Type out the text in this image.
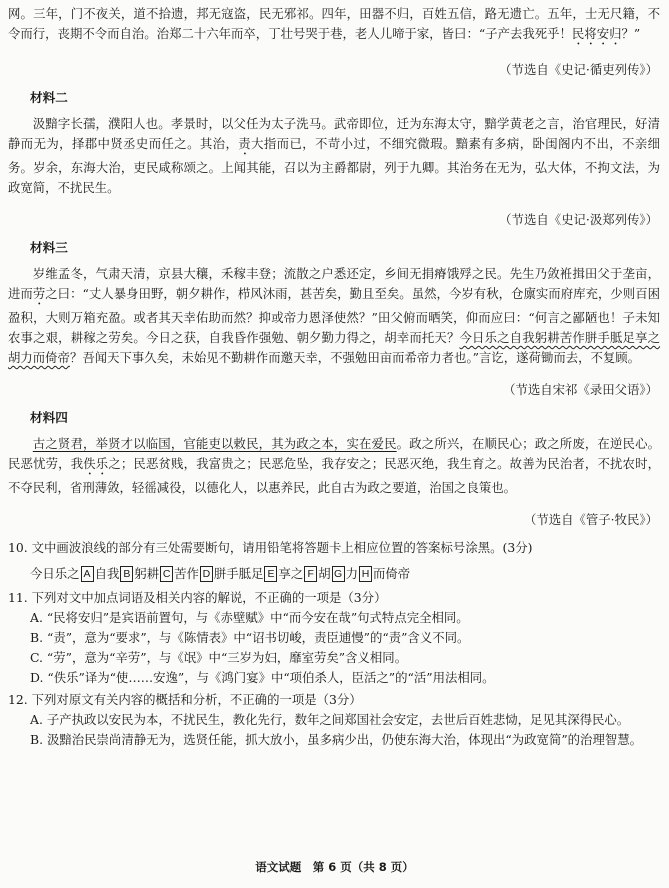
网。三年，门不夜关，道不拾遗，邦无寇盗，民无邪祁。四年，田器不归，百姓五信，路无遗亡。五年，士无尺籍，不令而行，丧期不令而自治。治郑二十六年而卒，丁壮号哭于巷，老人儿啼于家，皆曰：“子产去我死乎！民将安归？”

（节选自《史记·循吏列传》）

材料二

汲黯字长孺，濮阳人也。孝景时，以父任为太子洗马。武帝即位，迁为东海太守，黯学黄老之言，治官理民，好清静而无为，择郡中贤丞史而任之。其治，责大指而已，不苛小过，不细究微瑕。黯素有多病，卧闺阁内不出，不亲细务。岁余，东海大治，吏民咸称颂之。上闻其能，召以为主爵都尉，列于九卿。其治务在无为，弘大体，不拘文法，为政宽简，不扰民生。

（节选自《史记·汲郑列传》）

材料三

岁维孟冬，气肃天清，京县大穰，禾稼丰登；流散之户悉还定，乡间无捐瘠饿殍之民。先生乃敛袵揖田父于垄亩，进而劳之曰：“丈人暴身田野，朝夕耕作，栉风沐雨，甚苦矣，勤且至矣。虽然，今岁有秋，仓廪实而府库充，少则百困盈积，大则万箱充盈。或者其天幸佑助而然？抑或帝力恩泽使然？”田父俯而晒笑，仰而应曰：“何言之鄙陋也！子未知农事之艰，耕稼之劳矣。今日之获，自我昏作强勉、朝夕勤力得之，胡幸而托天？今日乐之自我躬耕苦作胼手胝足享之胡力而倚帝？吾闻天下事久矣，未始见不勤耕作而邀天幸，不强勉田亩而希帝力者也。”言讫，遂荷锄而去，不复顾。

（节选自宋祁《录田父语》）

材料四

古之贤君，举贤才以临国，官能吏以敕民，其为政之本，实在爱民。政之所兴，在顺民心；政之所废，在逆民心。民恶忧劳，我佚乐之；民恶贫贱，我富贵之；民恶危坠，我存安之；民恶灭绝，我生育之。故善为民治者，不扰农时，不夺民利，省刑薄敛，轻徭减役，以德化人，以惠养民，此自古为政之要道，治国之良策也。

（节选自《管子·牧民》）

10. 文中画波浪线的部分有三处需要断句，请用铅笔将答题卡上相应位置的答案标号涂黑。(3分)

今日乐之 A 自我 B 躬耕 C 苦作 D 胼手胝足 E 享之 F 胡 G 力 H 而倚帝

11. 下列对文中加点词语及相关内容的解说，不正确的一项是（3分）

A. “民将安归”是宾语前置句，与《赤壁赋》中“而今安在哉”句式特点完全相同。

B. “责”，意为“要求”，与《陈情表》中“诏书切峻，责臣逋慢”的“责”含义不同。

C. “劳”，意为“辛劳”，与《氓》中“三岁为妇，靡室劳矣”含义相同。

D. “佚乐”译为“使……安逸”，与《鸿门宴》中“项伯杀人，臣活之”的“活”用法相同。

12. 下列对原文有关内容的概括和分析，不正确的一项是（3分）

A. 子产执政以安民为本，不扰民生，教化先行，数年之间郑国社会安定，去世后百姓悲恸，足见其深得民心。

B. 汲黯治民崇尚清静无为，选贤任能，抓大放小，虽多病少出，仍使东海大治，体现出“为政宽简”的治理智慧。

语文试题　第 6 页（共 8 页）
